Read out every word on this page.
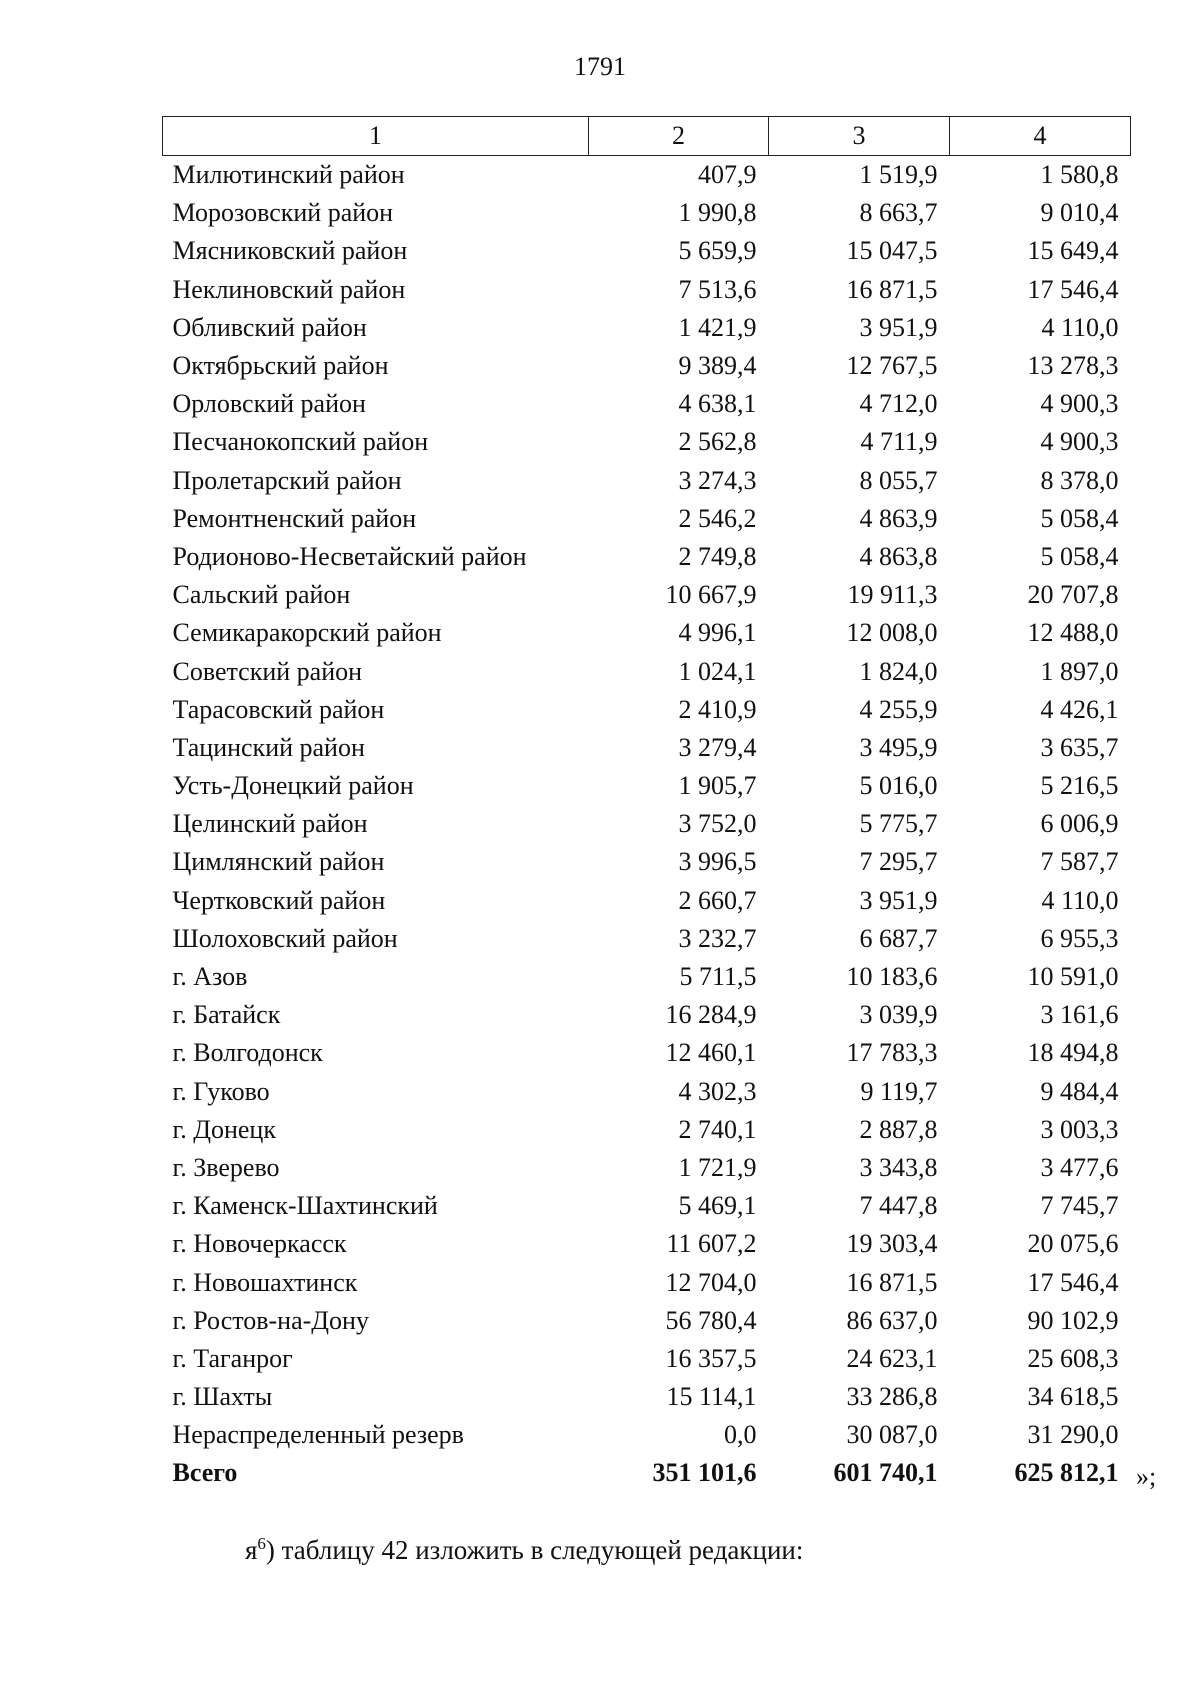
1791
1	2	3	4
Милютинский район	407,9	1 519,9	1 580,8
Морозовский район	1 990,8	8 663,7	9 010,4
Мясниковский район	5 659,9	15 047,5	15 649,4
Неклиновский район	7 513,6	16 871,5	17 546,4
Обливский район	1 421,9	3 951,9	4 110,0
Октябрьский район	9 389,4	12 767,5	13 278,3
Орловский район	4 638,1	4 712,0	4 900,3
Песчанокопский район	2 562,8	4 711,9	4 900,3
Пролетарский район	3 274,3	8 055,7	8 378,0
Ремонтненский район	2 546,2	4 863,9	5 058,4
Родионово-Несветайский район	2 749,8	4 863,8	5 058,4
Сальский район	10 667,9	19 911,3	20 707,8
Семикаракорский район	4 996,1	12 008,0	12 488,0
Советский район	1 024,1	1 824,0	1 897,0
Тарасовский район	2 410,9	4 255,9	4 426,1
Тацинский район	3 279,4	3 495,9	3 635,7
Усть-Донецкий район	1 905,7	5 016,0	5 216,5
Целинский район	3 752,0	5 775,7	6 006,9
Цимлянский район	3 996,5	7 295,7	7 587,7
Чертковский район	2 660,7	3 951,9	4 110,0
Шолоховский район	3 232,7	6 687,7	6 955,3
г. Азов	5 711,5	10 183,6	10 591,0
г. Батайск	16 284,9	3 039,9	3 161,6
г. Волгодонск	12 460,1	17 783,3	18 494,8
г. Гуково	4 302,3	9 119,7	9 484,4
г. Донецк	2 740,1	2 887,8	3 003,3
г. Зверево	1 721,9	3 343,8	3 477,6
г. Каменск-Шахтинский	5 469,1	7 447,8	7 745,7
г. Новочеркасск	11 607,2	19 303,4	20 075,6
г. Новошахтинск	12 704,0	16 871,5	17 546,4
г. Ростов-на-Дону	56 780,4	86 637,0	90 102,9
г. Таганрог	16 357,5	24 623,1	25 608,3
г. Шахты	15 114,1	33 286,8	34 618,5
Нераспределенный резерв	0,0	30 087,0	31 290,0
Всего	351 101,6	601 740,1	625 812,1 »;
$я^6$) таблицу 42 изложить в следующей редакции:
